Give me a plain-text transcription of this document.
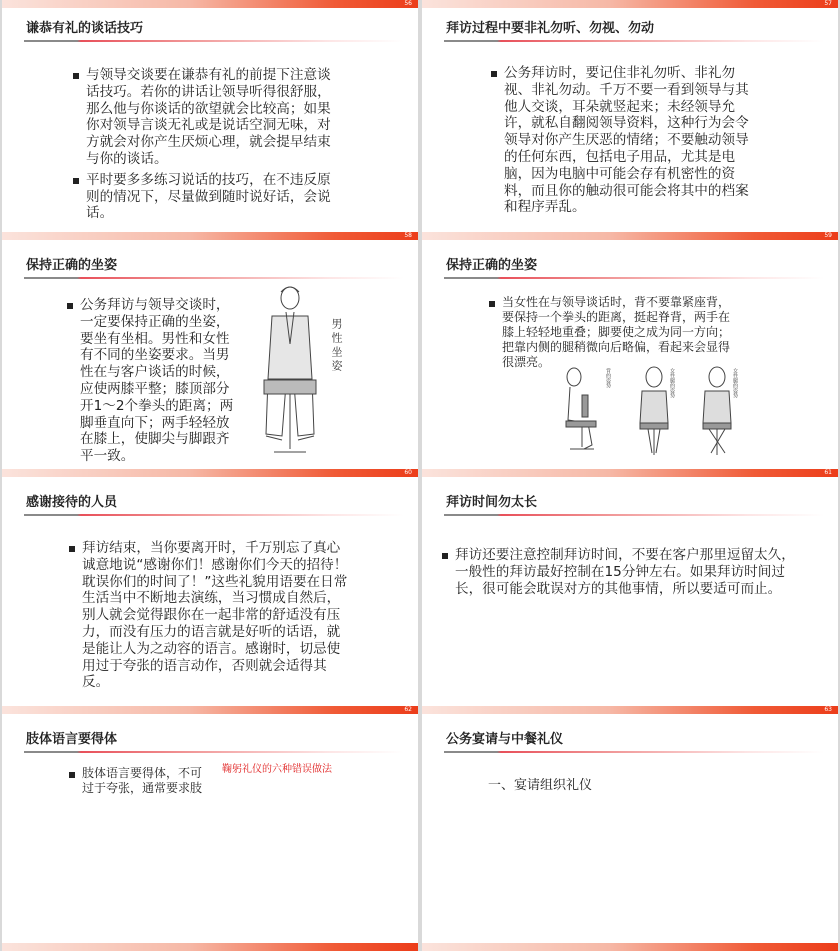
56	57
谦恭有礼的谈话技巧
与领导交谈要在谦恭有礼的前提下注意谈话技巧。若你的讲话让领导听得很舒服，那么他与你谈话的欲望就会比较高；如果你对领导言谈无礼或是说话空洞无味，对方就会对你产生厌烦心理，就会提早结束与你的谈话。
平时要多多练习说话的技巧，在不违反原则的情况下，尽量做到随时说好话，会说话。
58
拜访过程中要非礼勿听、勿视、勿动
公务拜访时，要记住非礼勿听、非礼勿视、非礼勿动。千万不要一看到领导与其他人交谈，耳朵就竖起来；未经领导允许，就私自翻阅领导资料，这种行为会令领导对你产生厌恶的情绪；不要触动领导的任何东西，包括电子用品，尤其是电脑，因为电脑中可能会存有机密性的资料，而且你的触动很可能会将其中的档案和程序弄乱。
59
保持正确的坐姿
公务拜访与领导交谈时，一定要保持正确的坐姿，要坐有坐相。男性和女性有不同的坐姿要求。当男性在与客户谈话的时候，应使两膝平整；膝顶部分开1～2个拳头的距离；两脚垂直向下；两手轻轻放在膝上，使脚尖与脚跟齐平一致。
男性坐姿
60
保持正确的坐姿
当女性在与领导谈话时，背不要靠紧座背，要保持一个拳头的距离，挺起脊背，两手在膝上轻轻地重叠；脚要使之成为同一方向；把靠内侧的腿稍微向后略偏，看起来会显得很漂亮。
背的姿势	女性腿的姿势	女性腿的姿势
61
感谢接待的人员
拜访结束，当你要离开时，千万别忘了真心诚意地说“感谢你们！感谢你们今天的招待！耽误你们的时间了！”这些礼貌用语要在日常生活当中不断地去演练，当习惯成自然后，别人就会觉得跟你在一起非常的舒适没有压力，而没有压力的语言就是好听的话语，就是能让人为之动容的语言。感谢时，切忌使用过于夸张的语言动作，否则就会适得其反。
62
拜访时间勿太长
拜访还要注意控制拜访时间，不要在客户那里逗留太久，一般性的拜访最好控制在15分钟左右。如果拜访时间过长，很可能会耽误对方的其他事情，所以要适可而止。
63
肢体语言要得体
肢体语言要得体，不可过于夸张，通常要求肢
鞠躬礼仪的六种错误做法
公务宴请与中餐礼仪
一、宴请组织礼仪
